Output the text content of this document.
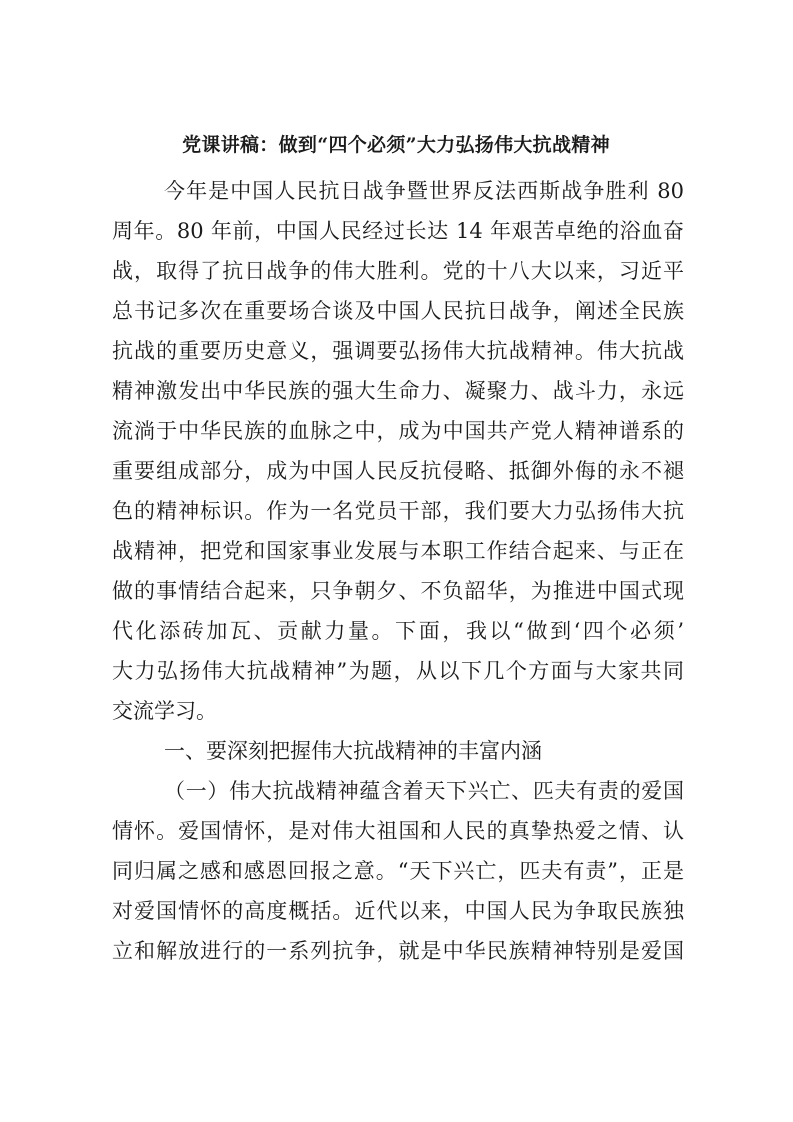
党课讲稿：做到“四个必须”大力弘扬伟大抗战精神
今年是中国人民抗日战争暨世界反法西斯战争胜利 80
周年。80 年前，中国人民经过长达 14 年艰苦卓绝的浴血奋
战，取得了抗日战争的伟大胜利。党的十八大以来，习近平
总书记多次在重要场合谈及中国人民抗日战争，阐述全民族
抗战的重要历史意义，强调要弘扬伟大抗战精神。伟大抗战
精神激发出中华民族的强大生命力、凝聚力、战斗力，永远
流淌于中华民族的血脉之中，成为中国共产党人精神谱系的
重要组成部分，成为中国人民反抗侵略、抵御外侮的永不褪
色的精神标识。作为一名党员干部，我们要大力弘扬伟大抗
战精神，把党和国家事业发展与本职工作结合起来、与正在
做的事情结合起来，只争朝夕、不负韶华，为推进中国式现
代化添砖加瓦、贡献力量。下面，我以“做到‘四个必须’
大力弘扬伟大抗战精神”为题，从以下几个方面与大家共同
交流学习。
一、要深刻把握伟大抗战精神的丰富内涵
（一）伟大抗战精神蕴含着天下兴亡、匹夫有责的爱国
情怀。爱国情怀，是对伟大祖国和人民的真挚热爱之情、认
同归属之感和感恩回报之意。“天下兴亡，匹夫有责”，正是
对爱国情怀的高度概括。近代以来，中国人民为争取民族独
立和解放进行的一系列抗争，就是中华民族精神特别是爱国
